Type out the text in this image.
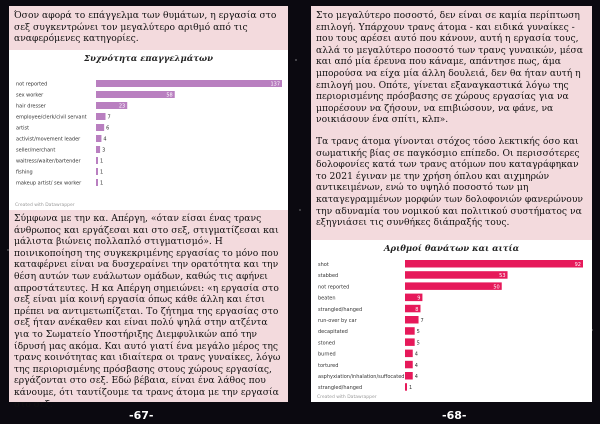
Όσον αφορά το επάγγελμα των θυμάτων, η εργασία στο σεξ συγκεντρώνει τον μεγαλύτερο αριθμό από τις αναφερόμενες κατηγορίες.

Συχνότητα επαγγελμάτων
not reported	137
sex worker	58
hair dresser	23
employee/clerk/civil servant	7
artist	6
activist/movement leader	4
seller/merchant	3
waitress/waiter/bartender	1
fishing	1
makeup artist/ sex worker	1
Created with Datawrapper

Σύμφωνα με την κα. Απέργη, «όταν είσαι ένας τρανς άνθρωπος και εργάζεσαι και στο σεξ, στιγματίζεσαι και μάλιστα βιώνεις πολλαπλό στιγματισμό». Η ποινικοποίηση της συγκεκριμένης εργασίας το μόνο που καταφέρνει είναι να δυσχεραίνει την ορατότητα και την θέση αυτών των ευάλωτων ομάδων, καθώς τις αφήνει απροστάτευτες. Η κα Απέργη σημειώνει: «η εργασία στο σεξ είναι μία κοινή εργασία όπως κάθε άλλη και έτσι πρέπει να αντιμετωπίζεται. Το ζήτημα της εργασίας στο σεξ ήταν ανέκαθεν και είναι πολύ ψηλά στην ατζέντα για το Σωματείο Υποστήριξης Διεμφυλικών από την ίδρυσή μας ακόμα. Και αυτό γιατί ένα μεγάλο μέρος της τρανς κοινότητας και ιδιαίτερα οι τρανς γυναίκες, λόγω της περιορισμένης πρόσβασης στους χώρους εργασίας, εργάζονται στο σεξ. Εδώ βέβαια, είναι ένα λάθος που κάνουμε, ότι ταυτίζουμε τα τρανς άτομα με την εργασία στο σεξ.

Στο μεγαλύτερο ποσοστό, δεν είναι σε καμία περίπτωση επιλογή. Υπάρχουν τρανς άτομα - και ειδικά γυναίκες - που τους αρέσει αυτό που κάνουν, αυτή η εργασία τους, αλλά το μεγαλύτερο ποσοστό των τρανς γυναικών, μέσα και από μία έρευνα που κάναμε, απάντησε πως, άμα μπορούσα να είχα μία άλλη δουλειά, δεν θα ήταν αυτή η επιλογή μου. Οπότε, γίνεται εξαναγκαστικά λόγω της περιορισμένης πρόσβασης σε χώρους εργασίας για να μπορέσουν να ζήσουν, να επιβιώσουν, να φάνε, να νοικιάσουν ένα σπίτι, κλπ».

Τα τρανς άτομα γίνονται στόχος τόσο λεκτικής όσο και σωματικής βίας σε παγκόσμιο επίπεδο. Οι περισσότερες δολοφονίες κατά των τρανς ατόμων που καταγράφηκαν το 2021 έγιναν με την χρήση όπλου και αιχμηρών αντικειμένων, ενώ το υψηλό ποσοστό των μη καταγεγραμμένων μορφών των δολοφονιών φανερώνουν την αδυναμία του νομικού και πολιτικού συστήματος να εξηγνιάσει τις συνθήκες διάπραξής τους.

Αριθμοί θανάτων και αιτία
shot	92
stabbed	53
not reported	50
beaten	9
strangled/hanged	8
run-over by car	7
decapitated	5
stoned	5
burned	4
tortured	4
asphyxiation/inhalation/suffocated 4
strangled/hanged	1
Created with Datawrapper
-67-	-68-
